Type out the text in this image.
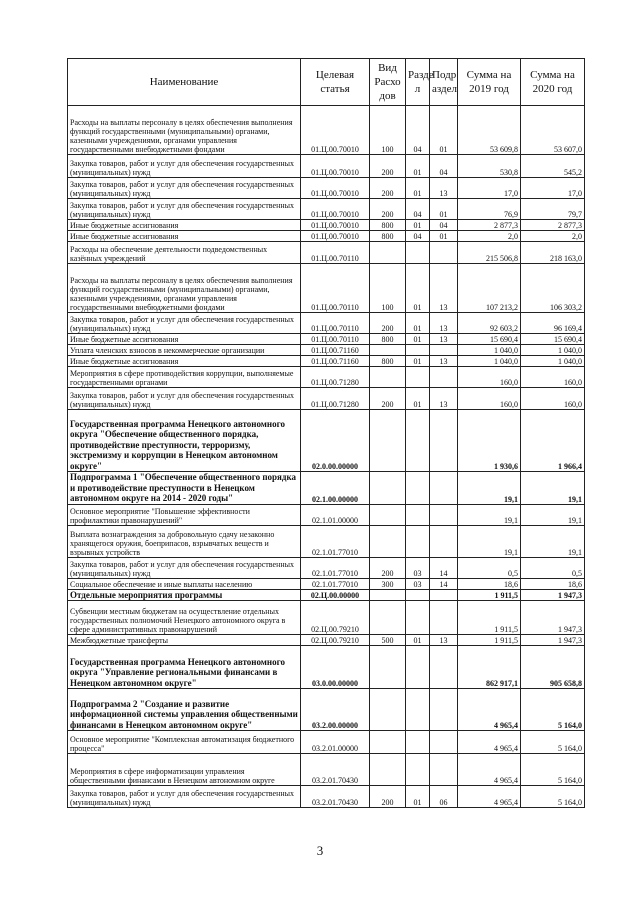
Наименование	Целевая статья	Вид Расхо дов	Разде л	Подр аздел	Сумма на 2019 год	Сумма на 2020 год
Расходы на выплаты персоналу в целях обеспечения выполнения функций государственными (муниципальными) органами, казенными учреждениями, органами управления государственными внебюджетными фондами	01.Ц.00.70010	100	04	01	53 609,8	53 607,0
Закупка товаров, работ и услуг для обеспечения государственных (муниципальных) нужд	01.Ц.00.70010	200	01	04	530,8	545,2
Закупка товаров, работ и услуг для обеспечения государственных (муниципальных) нужд	01.Ц.00.70010	200	01	13	17,0	17,0
Закупка товаров, работ и услуг для обеспечения государственных (муниципальных) нужд	01.Ц.00.70010	200	04	01	76,9	79,7
Иные бюджетные ассигнования	01.Ц.00.70010	800	01	04	2 877,3	2 877,3
Иные бюджетные ассигнования	01.Ц.00.70010	800	04	01	2,0	2,0
Расходы на обеспечение деятельности подведомственных казённых учреждений	01.Ц.00.70110				215 506,8	218 163,0
Расходы на выплаты персоналу в целях обеспечения выполнения функций государственными (муниципальными) органами, казенными учреждениями, органами управления государственными внебюджетными фондами	01.Ц.00.70110	100	01	13	107 213,2	106 303,2
Закупка товаров, работ и услуг для обеспечения государственных (муниципальных) нужд	01.Ц.00.70110	200	01	13	92 603,2	96 169,4
Иные бюджетные ассигнования	01.Ц.00.70110	800	01	13	15 690,4	15 690,4
Уплата членских взносов в некоммерческие организации	01.Ц.00.71160				1 040,0	1 040,0
Иные бюджетные ассигнования	01.Ц.00.71160	800	01	13	1 040,0	1 040,0
Мероприятия в сфере противодействия коррупции, выполняемые государственными органами	01.Ц.00.71280				160,0	160,0
Закупка товаров, работ и услуг для обеспечения государственных (муниципальных) нужд	01.Ц.00.71280	200	01	13	160,0	160,0
Государственная программа Ненецкого автономного округа "Обеспечение общественного порядка, противодействие преступности, терроризму, экстремизму и коррупции в Ненецком автономном округе"	02.0.00.00000				1 930,6	1 966,4
Подпрограмма 1 "Обеспечение общественного порядка и противодействие преступности в Ненецком автономном округе на 2014 - 2020 годы"	02.1.00.00000				19,1	19,1
Основное мероприятие "Повышение эффективности профилактики правонарушений"	02.1.01.00000				19,1	19,1
Выплата вознаграждения за добровольную сдачу незаконно хранящегося оружия, боеприпасов, взрывчатых веществ и взрывных устройств	02.1.01.77010				19,1	19,1
Закупка товаров, работ и услуг для обеспечения государственных (муниципальных) нужд	02.1.01.77010	200	03	14	0,5	0,5
Социальное обеспечение и иные выплаты населению	02.1.01.77010	300	03	14	18,6	18,6
Отдельные мероприятия программы	02.Ц.00.00000				1 911,5	1 947,3
Субвенции местным бюджетам на осуществление отдельных государственных полномочий Ненецкого автономного округа в сфере административных правонарушений	02.Ц.00.79210				1 911,5	1 947,3
Межбюджетные трансферты	02.Ц.00.79210	500	01	13	1 911,5	1 947,3
Государственная программа Ненецкого автономного округа "Управление региональными финансами в Ненецком автономном округе"	03.0.00.00000				862 917,1	905 658,8
Подпрограмма 2 "Создание и развитие информационной системы управления общественными финансами в Ненецком автономном округе"	03.2.00.00000				4 965,4	5 164,0
Основное мероприятие "Комплексная автоматизация бюджетного процесса"	03.2.01.00000				4 965,4	5 164,0
Мероприятия в сфере информатизации управления общественными финансами в Ненецком автономном округе	03.2.01.70430				4 965,4	5 164,0
Закупка товаров, работ и услуг для обеспечения государственных (муниципальных) нужд	03.2.01.70430	200	01	06	4 965,4	5 164,0
3
